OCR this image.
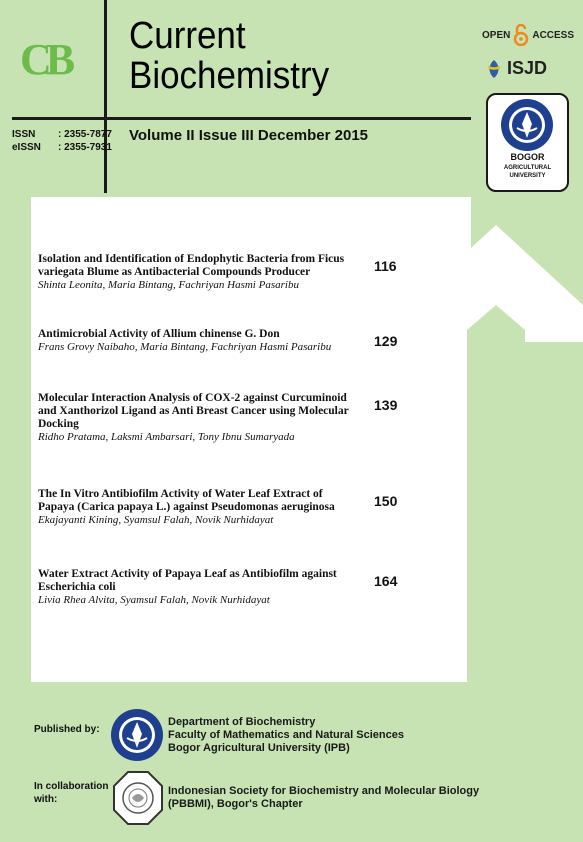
CB Current
Biochemistry
ISSN : 2355-7877
eISSN : 2355-7931
Volume II Issue III December 2015
OPEN ACCESS
ISJD
BOGOR
AGRICULTURAL UNIVERSITY
Isolation and Identification of Endophytic Bacteria from Ficus variegata Blume as Antibacterial Compounds Producer
Shinta Leonita, Maria Bintang, Fachriyan Hasmi Pasaribu
116
Antimicrobial Activity of Allium chinense G. Don
Frans Grovy Naibaho, Maria Bintang, Fachriyan Hasmi Pasaribu	129
Molecular Interaction Analysis of COX-2 against Curcuminoid and Xanthorizol Ligand as Anti Breast Cancer using Molecular Docking
Ridho Pratama, Laksmi Ambarsari, Tony Ibnu Sumaryada
139
The In Vitro Antibiofilm Activity of Water Leaf Extract of Papaya (Carica papaya L.) against Pseudomonas aeruginosa
Ekajayanti Kining, Syamsul Falah, Novik Nurhidayat
150
Water Extract Activity of Papaya Leaf as Antibiofilm against Escherichia coli
Livia Rhea Alvita, Syamsul Falah, Novik Nurhidayat
164
Published by:
Department of Biochemistry
Faculty of Mathematics and Natural Sciences
Bogor Agricultural University (IPB)
In collaboration
with:
Indonesian Society for Biochemistry and Molecular Biology
(PBBMI), Bogor's Chapter
